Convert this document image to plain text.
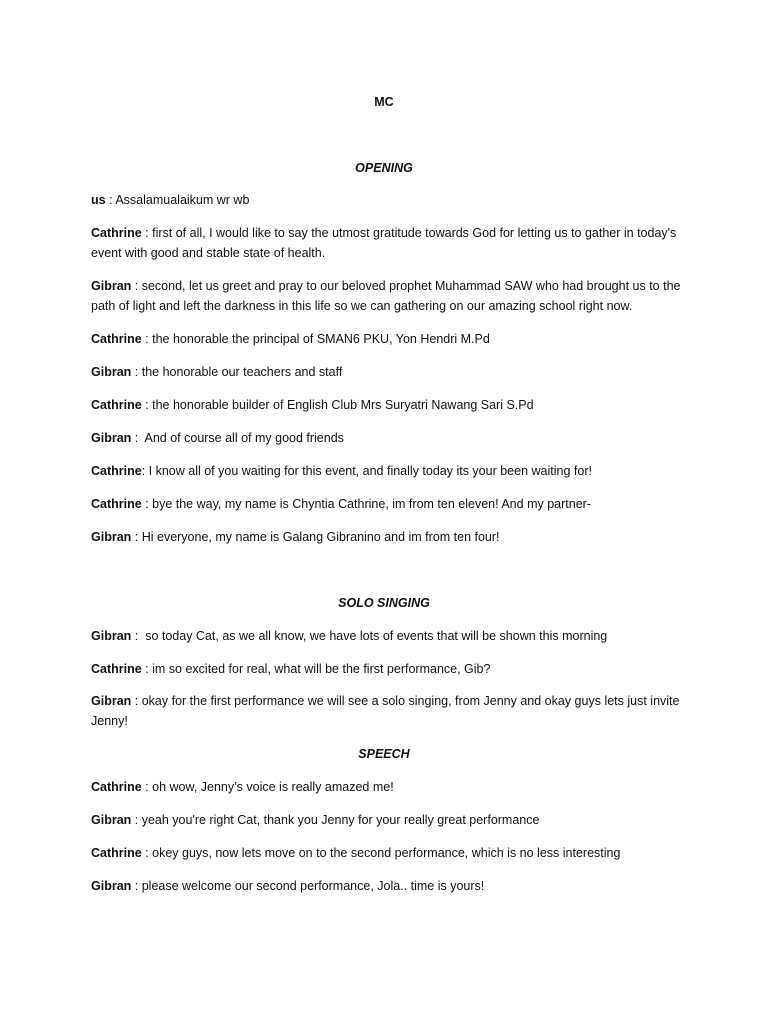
MC
OPENING
us : Assalamualaikum wr wb
Cathrine : first of all, I would like to say the utmost gratitude towards God for letting us to gather in today's event with good and stable state of health.
Gibran : second, let us greet and pray to our beloved prophet Muhammad SAW who had brought us to the path of light and left the darkness in this life so we can gathering on our amazing school right now.
Cathrine : the honorable the principal of SMAN6 PKU, Yon Hendri M.Pd
Gibran : the honorable our teachers and staff
Cathrine : the honorable builder of English Club Mrs Suryatri Nawang Sari S.Pd
Gibran :  And of course all of my good friends
Cathrine: I know all of you waiting for this event, and finally today its your been waiting for!
Cathrine : bye the way, my name is Chyntia Cathrine, im from ten eleven! And my partner-
Gibran : Hi everyone, my name is Galang Gibranino and im from ten four!
SOLO SINGING
Gibran :  so today Cat, as we all know, we have lots of events that will be shown this morning
Cathrine : im so excited for real, what will be the first performance, Gib?
Gibran : okay for the first performance we will see a solo singing, from Jenny and okay guys lets just invite Jenny!
SPEECH
Cathrine : oh wow, Jenny’s voice is really amazed me!
Gibran : yeah you're right Cat, thank you Jenny for your really great performance
Cathrine : okey guys, now lets move on to the second performance, which is no less interesting
Gibran : please welcome our second performance, Jola.. time is yours!
